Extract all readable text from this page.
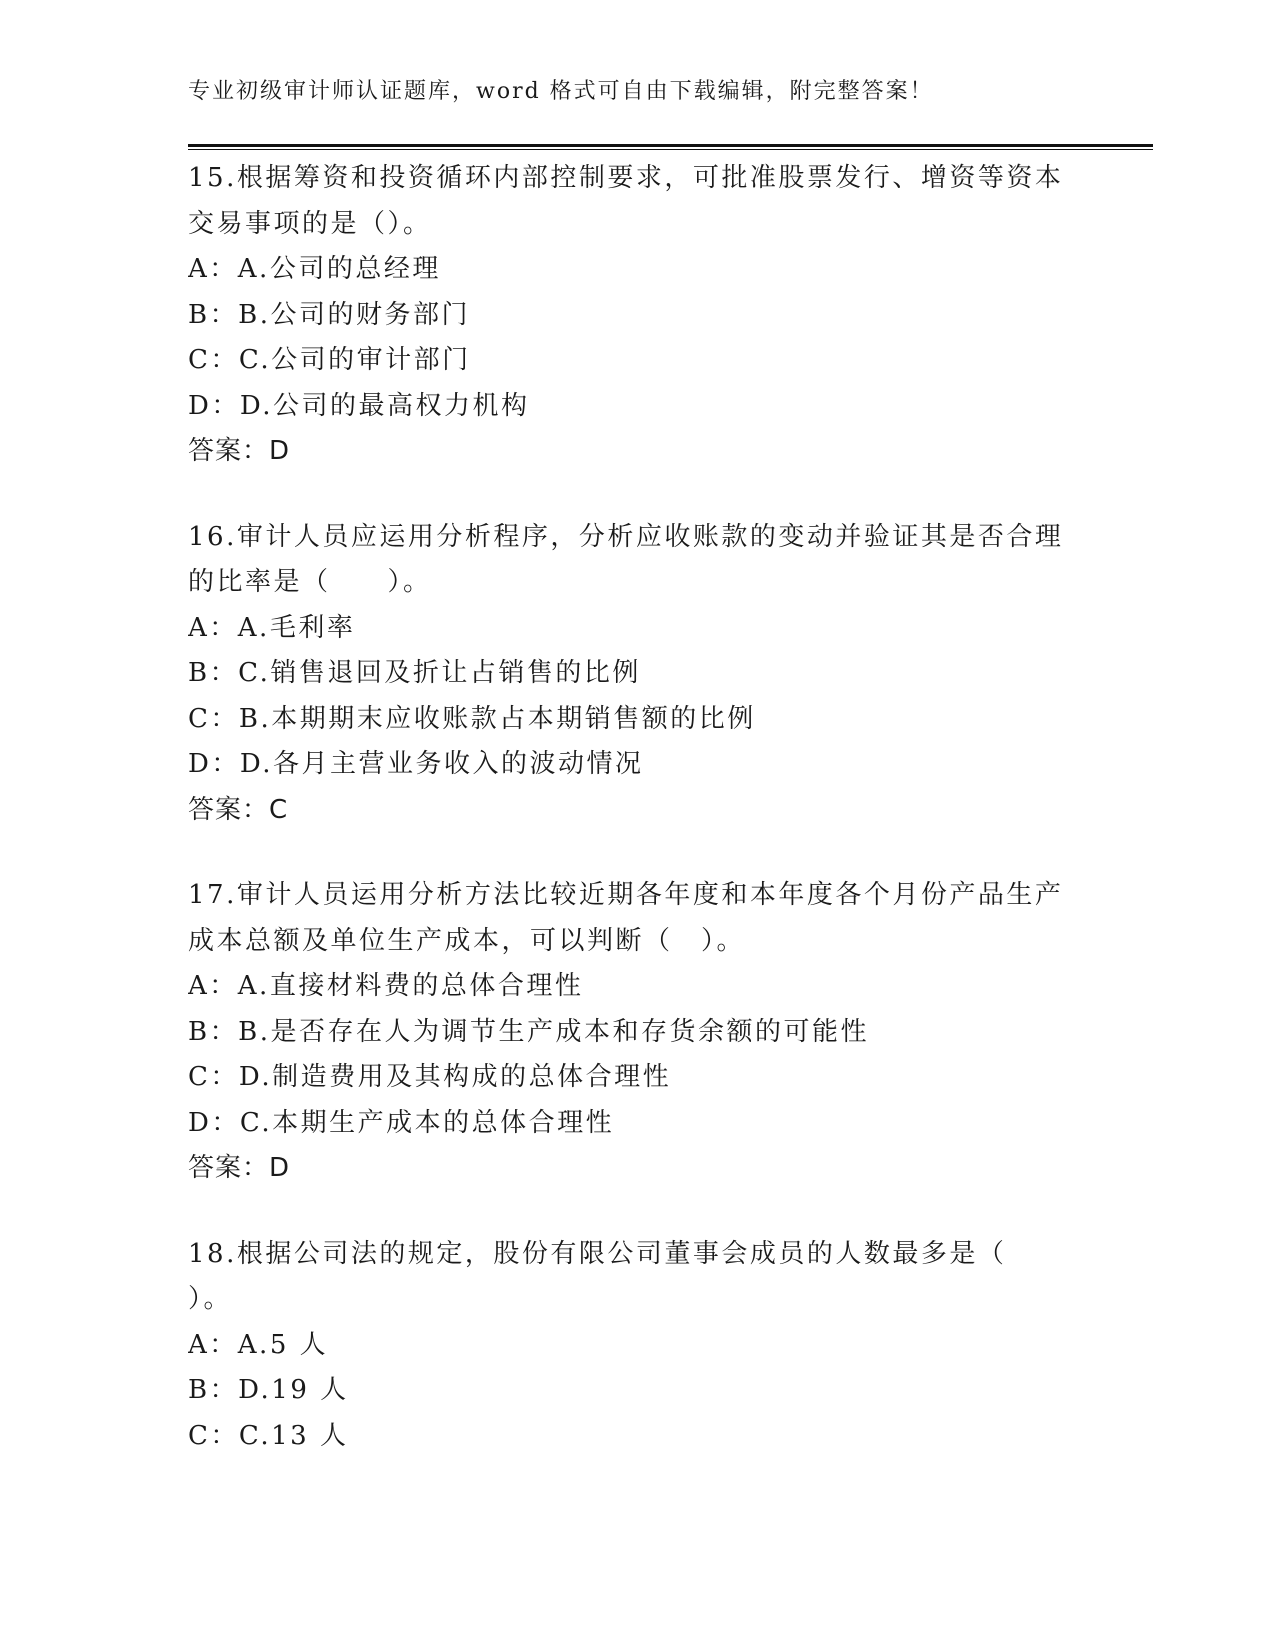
专业初级审计师认证题库，word 格式可自由下载编辑，附完整答案！
15.根据筹资和投资循环内部控制要求，可批准股票发行、增资等资本
交易事项的是（）。
A：A.公司的总经理
B：B.公司的财务部门
C：C.公司的审计部门
D：D.公司的最高权力机构
答案：D
16.审计人员应运用分析程序，分析应收账款的变动并验证其是否合理
的比率是（　　）。
A：A.毛利率
B：C.销售退回及折让占销售的比例
C：B.本期期末应收账款占本期销售额的比例
D：D.各月主营业务收入的波动情况
答案：C
17.审计人员运用分析方法比较近期各年度和本年度各个月份产品生产
成本总额及单位生产成本，可以判断（　）。
A：A.直接材料费的总体合理性
B：B.是否存在人为调节生产成本和存货余额的可能性
C：D.制造费用及其构成的总体合理性
D：C.本期生产成本的总体合理性
答案：D
18.根据公司法的规定，股份有限公司董事会成员的人数最多是（
）。
A：A.5 人
B：D.19 人
C：C.13 人
